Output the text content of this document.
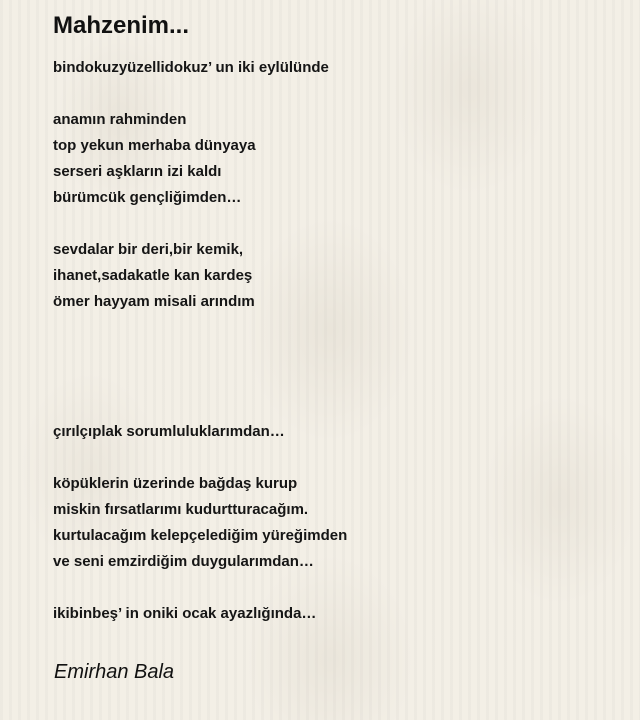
Mahzenim...
bindokuzyüzellidokuz’ un iki eylülünde
anamın rahminden
top yekun merhaba dünyaya
serseri aşkların izi kaldı
bürümcük gençliğimden…
sevdalar bir deri,bir kemik,
ihanet,sadakatle kan kardeş
ömer hayyam misali arındım
çırılçıplak sorumluluklarımdan…
köpüklerin üzerinde bağdaş kurup
miskin fırsatlarımı kudurtturacağım.
kurtulacağım kelepçelediğim yüreğimden
ve seni emzirdiğim duygularımdan…
ikibinbeş’ in oniki ocak ayazlığında…
Emirhan Bala
